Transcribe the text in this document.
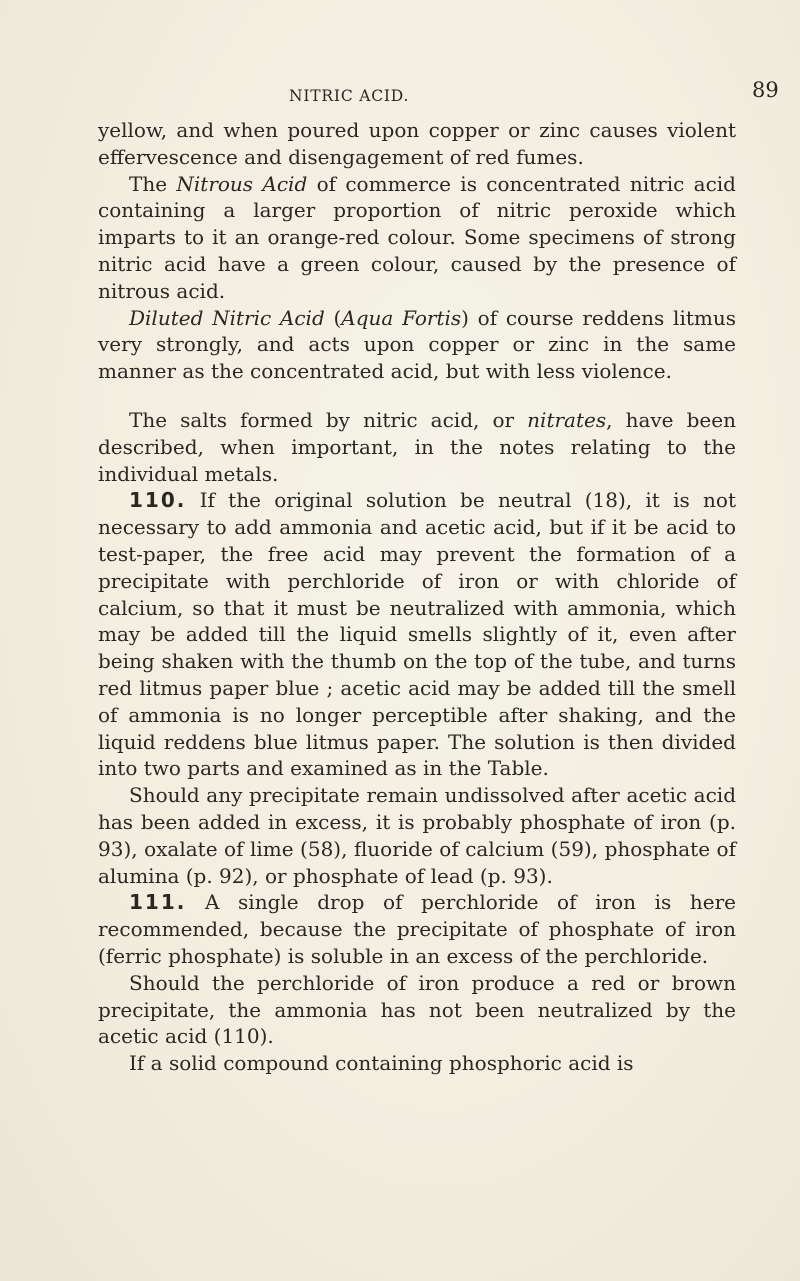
NITRIC ACID.	89

yellow, and when poured upon copper or zinc causes violent effervescence and disengagement of red fumes.

The Nitrous Acid of commerce is concentrated nitric acid containing a larger proportion of nitric peroxide which imparts to it an orange-red colour. Some specimens of strong nitric acid have a green colour, caused by the presence of nitrous acid.

Diluted Nitric Acid (Aqua Fortis) of course reddens litmus very strongly, and acts upon copper or zinc in the same manner as the concentrated acid, but with less violence.

The salts formed by nitric acid, or nitrates, have been described, when important, in the notes relating to the individual metals.

110. If the original solution be neutral (18), it is not necessary to add ammonia and acetic acid, but if it be acid to test-paper, the free acid may prevent the formation of a precipitate with perchloride of iron or with chloride of calcium, so that it must be neutralized with ammonia, which may be added till the liquid smells slightly of it, even after being shaken with the thumb on the top of the tube, and turns red litmus paper blue ; acetic acid may be added till the smell of ammonia is no longer perceptible after shaking, and the liquid reddens blue litmus paper. The solution is then divided into two parts and examined as in the Table.

Should any precipitate remain undissolved after acetic acid has been added in excess, it is probably phosphate of iron (p. 93), oxalate of lime (58), fluoride of calcium (59), phosphate of alumina (p. 92), or phosphate of lead (p. 93).

111. A single drop of perchloride of iron is here recommended, because the precipitate of phosphate of iron (ferric phosphate) is soluble in an excess of the perchloride.

Should the perchloride of iron produce a red or brown precipitate, the ammonia has not been neutralized by the acetic acid (110).

If a solid compound containing phosphoric acid is
